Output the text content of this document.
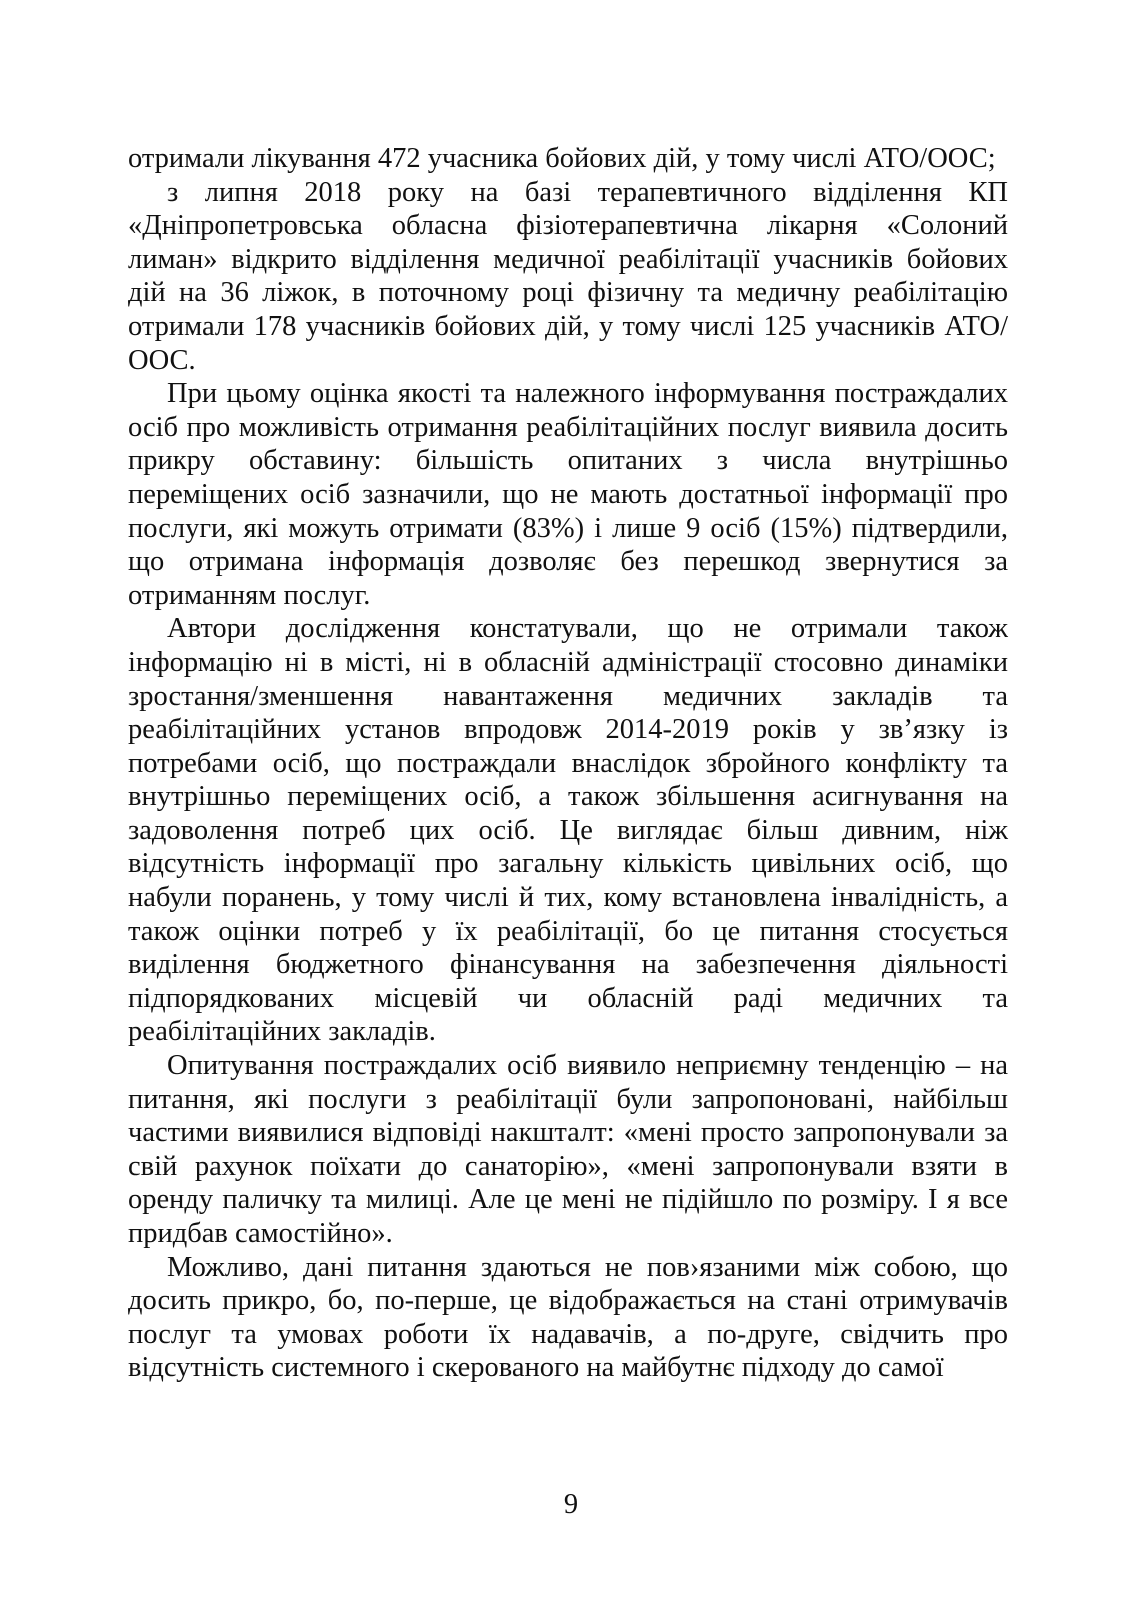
отримали лікування 472 учасника бойових дій, у тому числі АТО/ООС;

з липня 2018 року на базі терапевтичного відділення КП «Дніпропетровська обласна фізіотерапевтична лікарня «Солоний лиман» відкрито відділення медичної реабілітації учасників бойових дій на 36 ліжок, в поточному році фізичну та медичну реабілітацію отримали 178 учасників бойових дій, у тому числі 125 учасників АТО/ООС.

При цьому оцінка якості та належного інформування постраждалих осіб про можливість отримання реабілітаційних послуг виявила досить прикру обставину: більшість опитаних з числа внутрішньо переміщених осіб зазначили, що не мають достатньої інформації про послуги, які можуть отримати (83%) і лише 9 осіб (15%) підтвердили, що отримана інформація дозволяє без перешкод звернутися за отриманням послуг.

Автори дослідження констатували, що не отримали також інформацію ні в місті, ні в обласній адміністрації стосовно динаміки зростання/зменшення навантаження медичних закладів та реабілітаційних установ впродовж 2014-2019 років у зв’язку із потребами осіб, що постраждали внаслідок збройного конфлікту та внутрішньо переміщених осіб, а також збільшення асигнування на задоволення потреб цих осіб. Це виглядає більш дивним, ніж відсутність інформації про загальну кількість цивільних осіб, що набули поранень, у тому числі й тих, кому встановлена інвалідність, а також оцінки потреб у їх реабілітації, бо це питання стосується виділення бюджетного фінансування на забезпечення діяльності підпорядкованих місцевій чи обласній раді медичних та реабілітаційних закладів.

Опитування постраждалих осіб виявило неприємну тенденцію – на питання, які послуги з реабілітації були запропоновані, найбільш частими виявилися відповіді накшталт: «мені просто запропонували за свій рахунок поїхати до санаторію», «мені запропонували взяти в оренду паличку та милиці. Але це мені не підійшло по розміру. І я все придбав самостійно».

Можливо, дані питання здаються не пов›язаними між собою, що досить прикро, бо, по-перше, це відображається на стані отримувачів послуг та умовах роботи їх надавачів, а по-друге, свідчить про відсутність системного і скерованого на майбутнє підходу до самої

9
